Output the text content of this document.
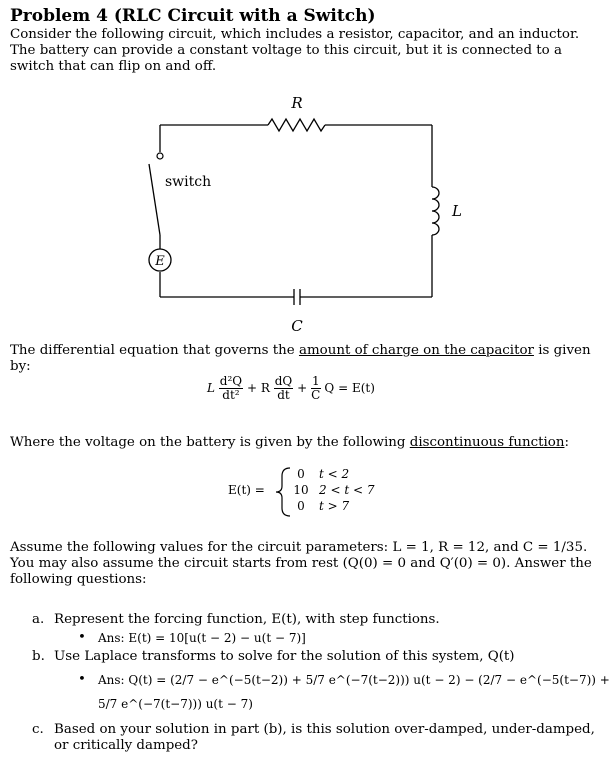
Problem 4 (RLC Circuit with a Switch)
Consider the following circuit, which includes a resistor, capacitor, and an inductor. The battery can provide a constant voltage to this circuit, but it is connected to a switch that can flip on and off.
R
switch
L
E
C
The differential equation that governs the amount of charge on the capacitor is given by:
L $\frac{\text{d²Q}}{\text{dt²}} + R \frac{dQ}{dt} + \frac{1}{C}$ Q = E(t)
Where the voltage on the battery is given by the following discontinuous function:
E(t) =
0	t < 2
10 2 < t < 7
0	t > 7
Assume the following values for the circuit parameters: L = 1, R = 12, and C = 1/35. You may also assume the circuit starts from rest (Q(0) = 0 and Q′(0) = 0). Answer the following questions:
a. Represent the forcing function, E(t), with step functions.
• Ans: E(t) = 10[u(t − 2) − u(t − 7)]
b. Use Laplace transforms to solve for the solution of this system, Q(t)
• Ans: Q(t) = (2/7 − e^(−5(t−2)) + 5/7 e^(−7(t−2))) u(t − 2) − (2/7 − e^(−5(t−7)) +
5/7 e^(−7(t−7))) u(t − 7)
c. Based on your solution in part (b), is this solution over-damped, under-damped, or critically damped?
